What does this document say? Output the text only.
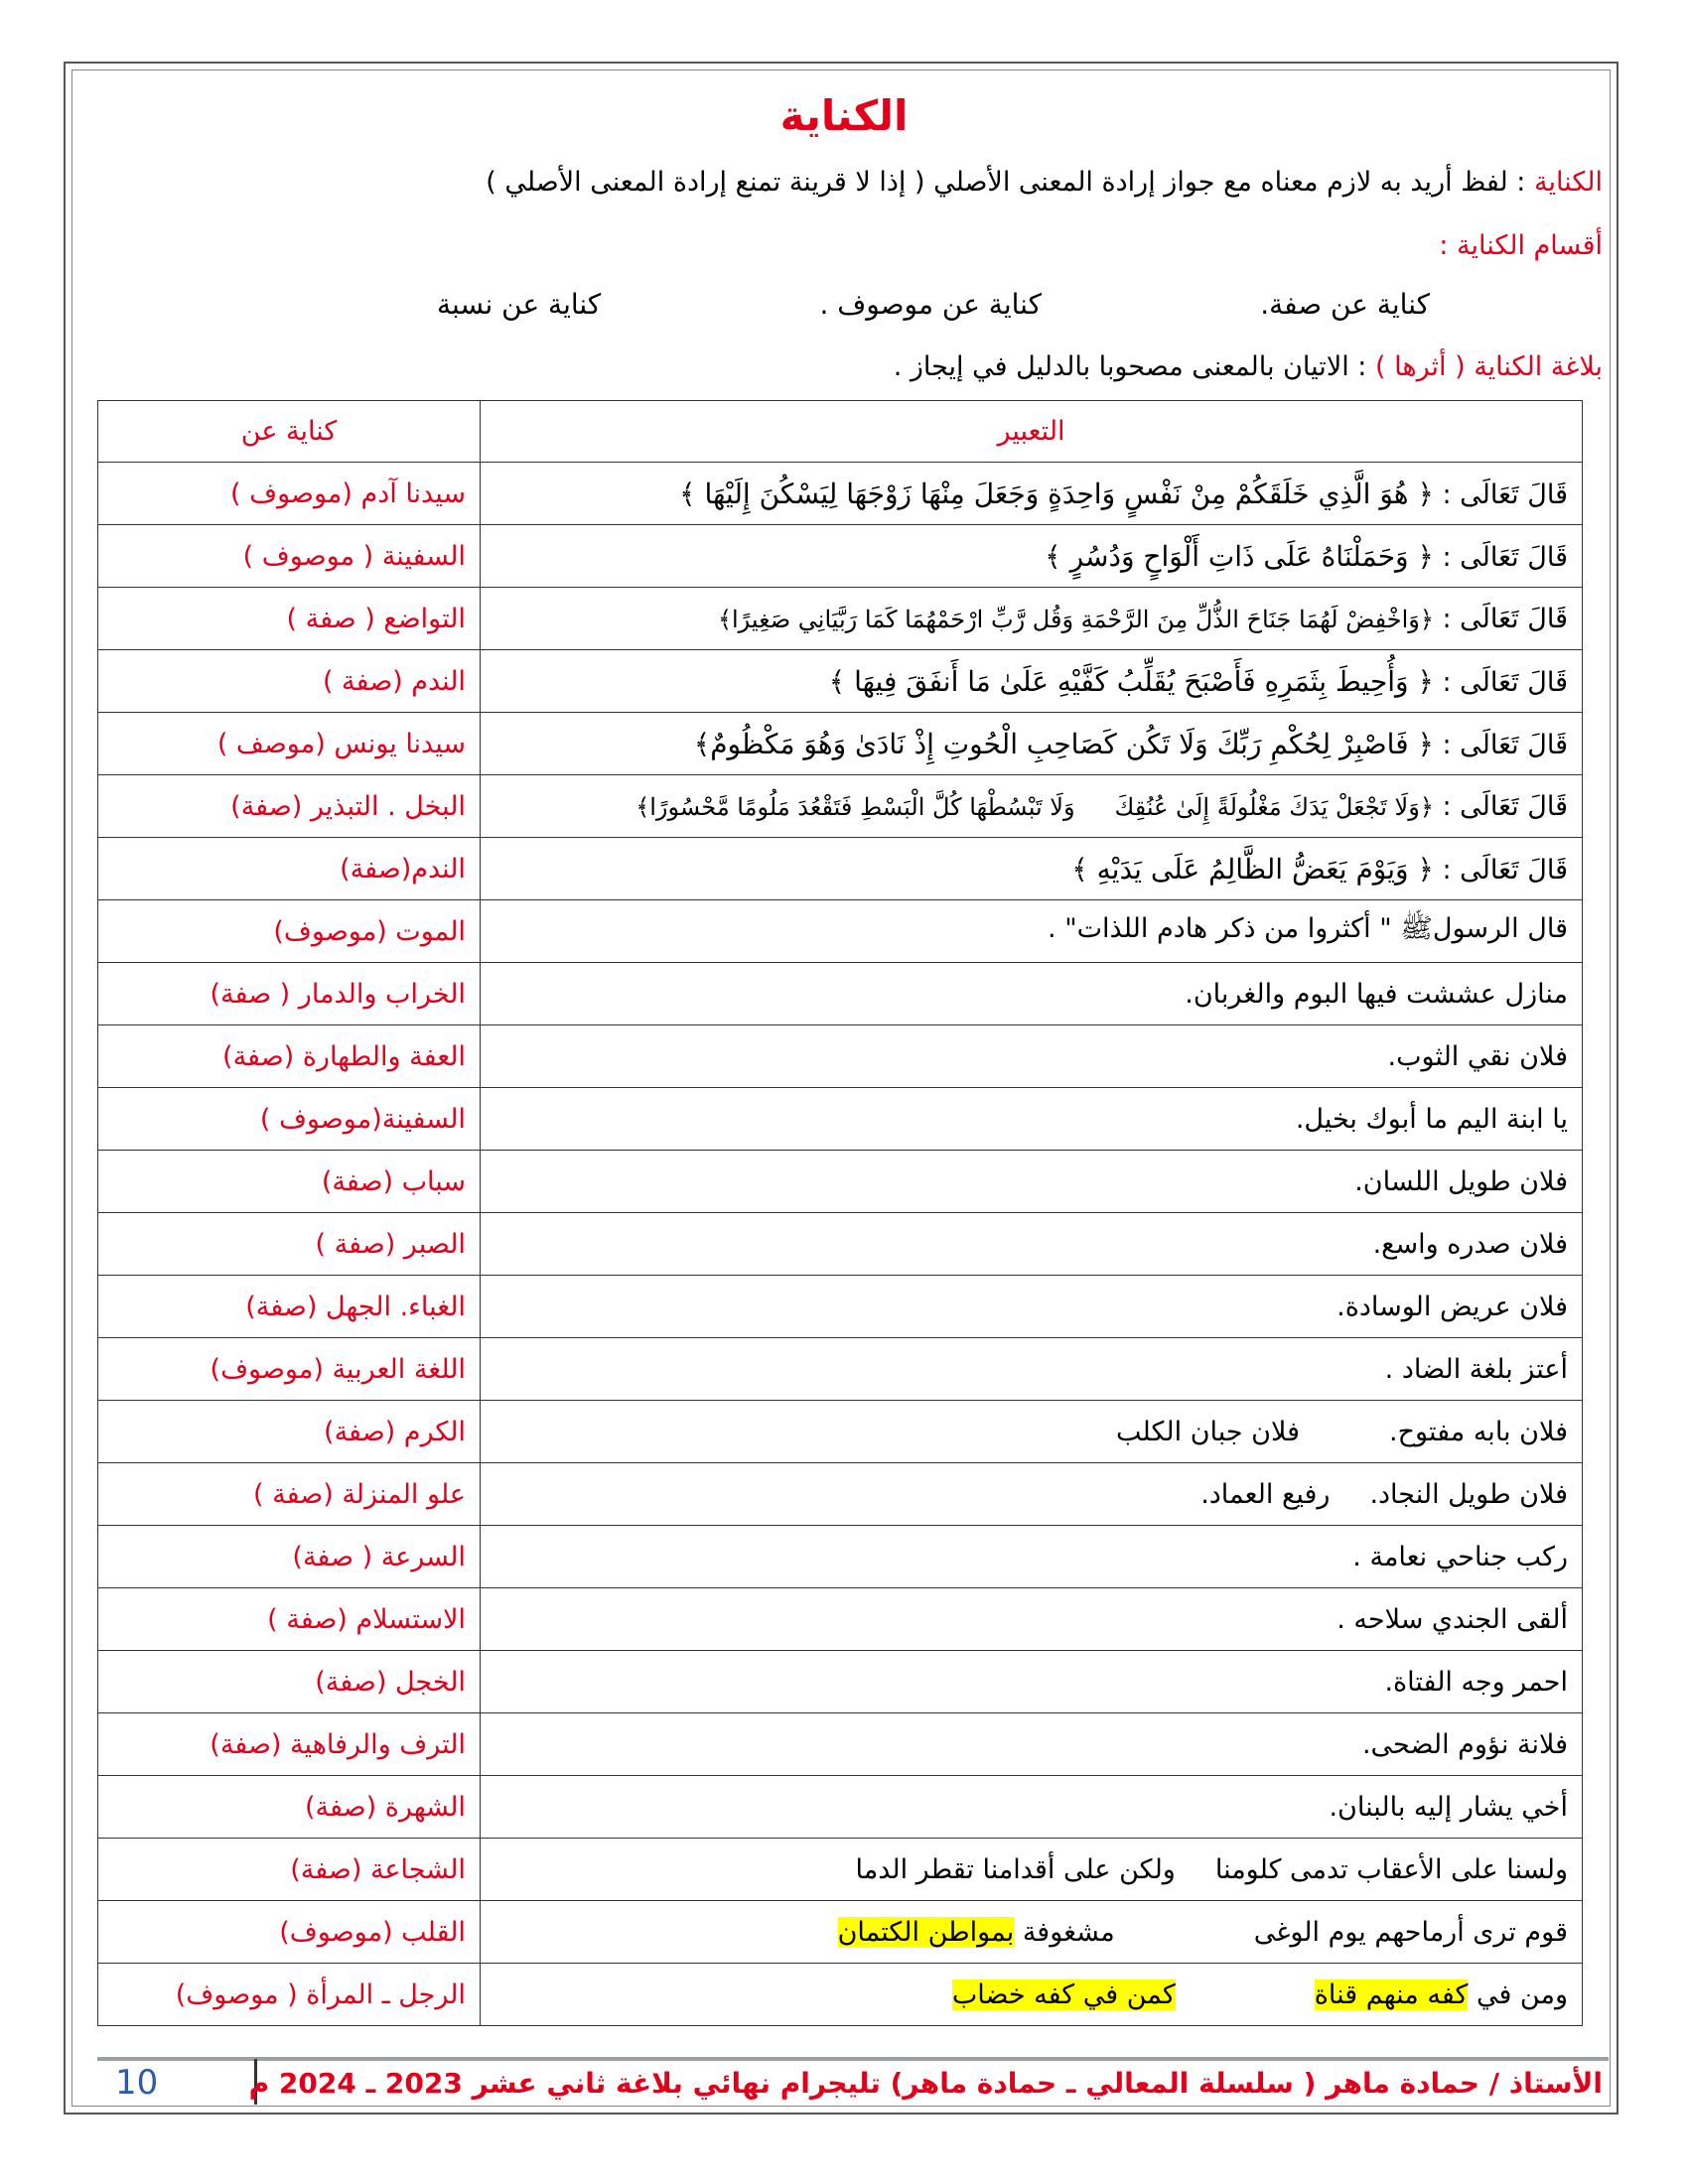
الكناية
الكناية : لفظ أريد به لازم معناه مع جواز إرادة المعنى الأصلي ( إذا لا قرينة تمنع إرادة المعنى الأصلي )
أقسام الكناية :
كناية عن صفة.
كناية عن موصوف .
كناية عن نسبة
بلاغة الكناية ( أثرها ) : الاتيان بالمعنى مصحوبا بالدليل في إيجاز .
التعبير	كناية عن
قَالَ تَعَالَى : ﴿ هُوَ الَّذِي خَلَقَكُمْ مِنْ نَفْسٍ وَاحِدَةٍ وَجَعَلَ مِنْهَا زَوْجَهَا لِيَسْكُنَ إِلَيْهَا ﴾	سيدنا آدم (موصوف )
قَالَ تَعَالَى : ﴿ وَحَمَلْنَاهُ عَلَى ذَاتِ أَلْوَاحٍ وَدُسُرٍ ﴾	السفينة ( موصوف )
قَالَ تَعَالَى : ﴿وَاخْفِضْ لَهُمَا جَنَاحَ الذُّلِّ مِنَ الرَّحْمَةِ وَقُل رَّبِّ ارْحَمْهُمَا كَمَا رَبَّيَانِي صَغِيرًا﴾	التواضع ( صفة )
قَالَ تَعَالَى : ﴿ وَأُحِيطَ بِثَمَرِهِ فَأَصْبَحَ يُقَلِّبُ كَفَّيْهِ عَلَىٰ مَا أَنفَقَ فِيهَا ﴾	الندم (صفة )
قَالَ تَعَالَى : ﴿ فَاصْبِرْ لِحُكْمِ رَبِّكَ وَلَا تَكُن كَصَاحِبِ الْحُوتِ إِذْ نَادَىٰ وَهُوَ مَكْظُومٌ﴾	سيدنا يونس (موصف )
قَالَ تَعَالَى : ﴿وَلَا تَجْعَلْ يَدَكَ مَغْلُولَةً إِلَىٰ عُنُقِكَوَلَا تَبْسُطْهَا كُلَّ الْبَسْطِ فَتَقْعُدَ مَلُومًا مَّحْسُورًا﴾	البخل . التبذير (صفة)
قَالَ تَعَالَى : ﴿ وَيَوْمَ يَعَضُّ الظَّالِمُ عَلَى يَدَيْهِ ﴾	الندم(صفة)
قال الرسولﷺ " أكثروا من ذكر هادم اللذات" .	الموت (موصوف)
منازل عششت فيها البوم والغربان.	الخراب والدمار ( صفة)
فلان نقي الثوب.	العفة والطهارة (صفة)
يا ابنة اليم ما أبوك بخيل.	السفينة(موصوف )
فلان طويل اللسان.	سباب (صفة)
فلان صدره واسع.	الصبر (صفة )
فلان عريض الوسادة.	الغباء. الجهل (صفة)
أعتز بلغة الضاد .	اللغة العربية (موصوف)
فلان بابه مفتوح.فلان جبان الكلب	الكرم (صفة)
فلان طويل النجاد.رفيع العماد.	علو المنزلة (صفة )
ركب جناحي نعامة .	السرعة ( صفة)
ألقى الجندي سلاحه .	الاستسلام (صفة )
احمر وجه الفتاة.	الخجل (صفة)
فلانة نؤوم الضحى.	الترف والرفاهية (صفة)
أخي يشار إليه بالبنان.	الشهرة (صفة)
ولسنا على الأعقاب تدمى كلومناولكن على أقدامنا تقطر الدما	الشجاعة (صفة)
قوم ترى أرماحهم يوم الوغىمشغوفة بمواطن الكتمان	القلب (موصوف)
ومن في كفه منهم قناةكمن في كفه خضاب	الرجل ـ المرأة ( موصوف)
الأستاذ / حمادة ماهر ( سلسلة المعالي ـ حمادة ماهر) تليجرام نهائي بلاغة ثاني عشر 2023 ـ 2024 م
10
